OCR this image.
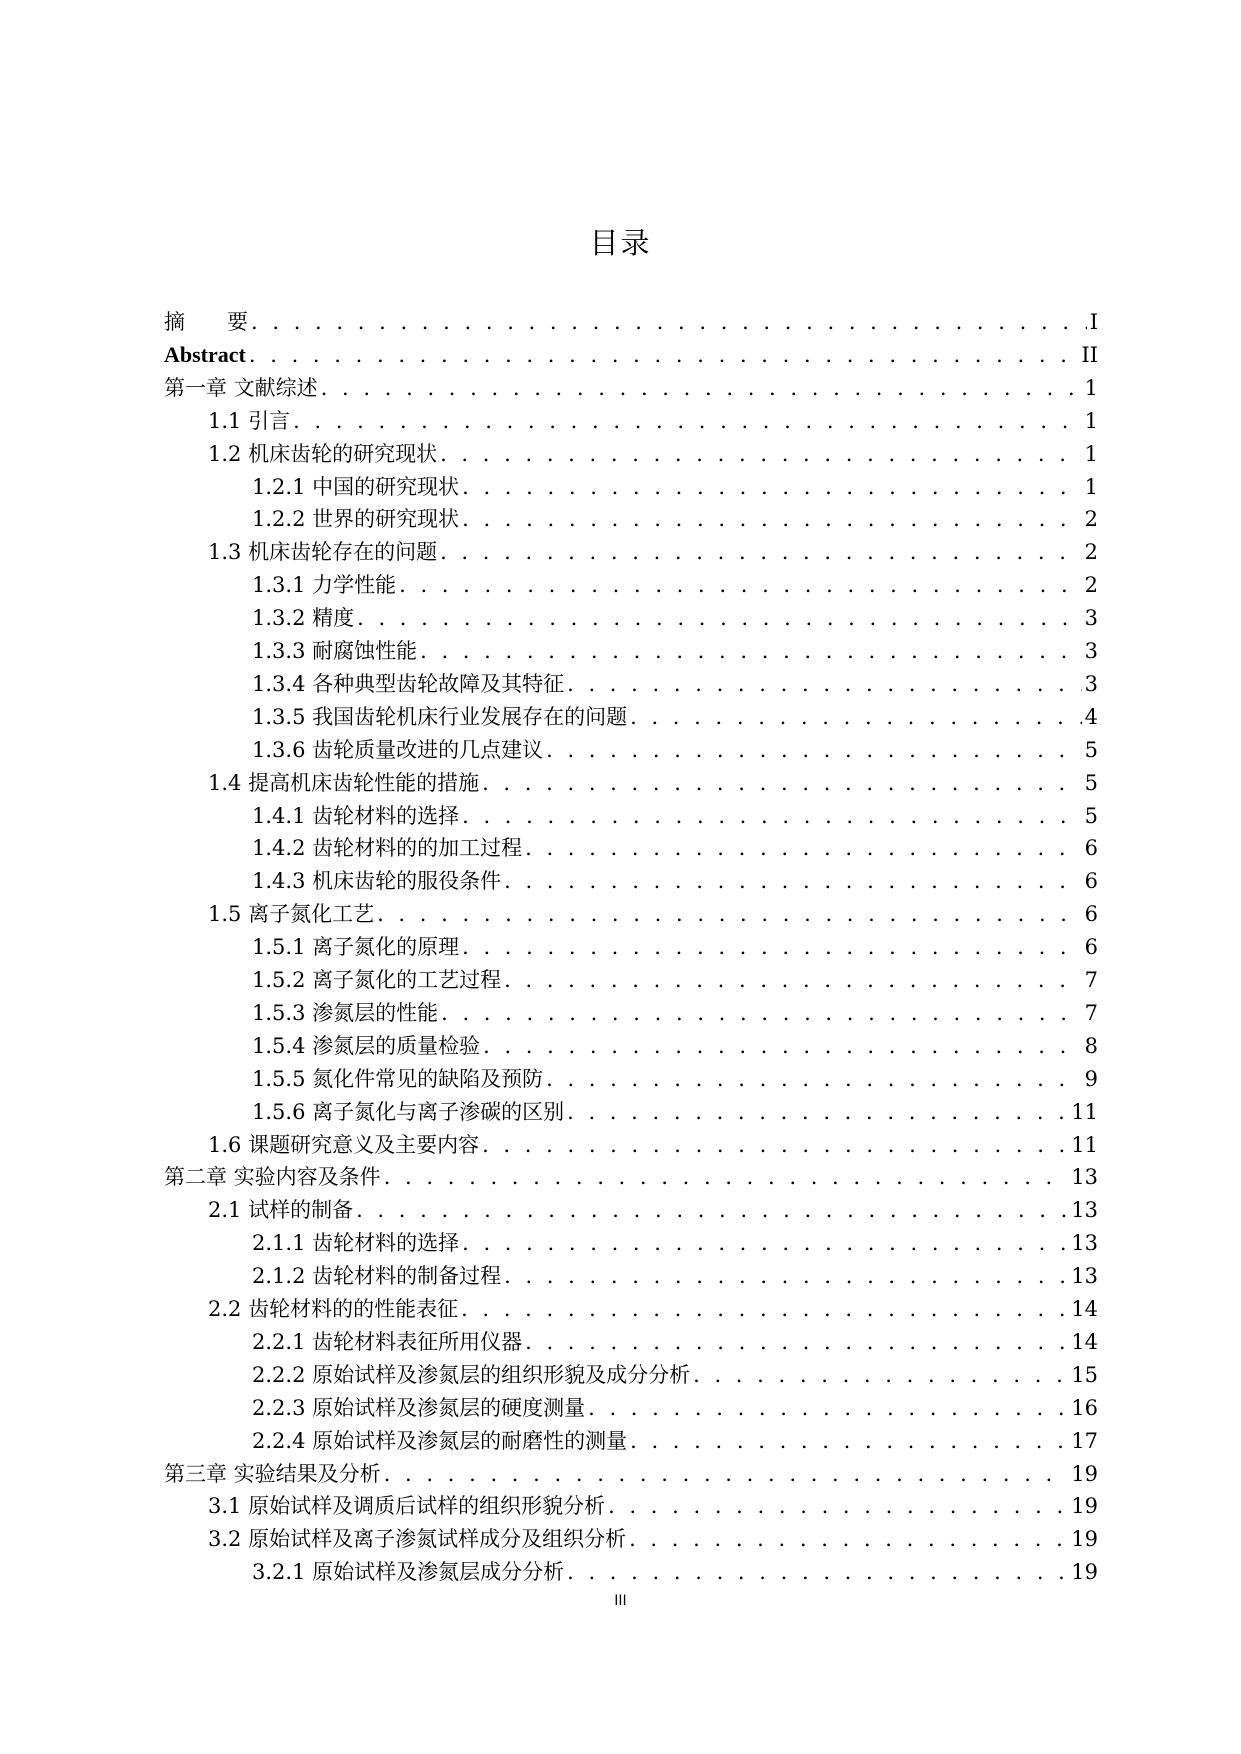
目录
摘　　要 . . .	I
Abstract . . .	II
第一章 文献综述 . . .	1
1.1 引言 . . .	1
1.2 机床齿轮的研究现状 . . .	1
1.2.1 中国的研究现状 . . .	1
1.2.2 世界的研究现状 . . .	2
1.3 机床齿轮存在的问题 . . .	2
1.3.1 力学性能 . . .	2
1.3.2 精度 . . .	3
1.3.3 耐腐蚀性能 . . .	3
1.3.4 各种典型齿轮故障及其特征 . . .	3
1.3.5 我国齿轮机床行业发展存在的问题 . . .	4
1.3.6 齿轮质量改进的几点建议 . . .	5
1.4 提高机床齿轮性能的措施 . . .	5
1.4.1 齿轮材料的选择 . . .	5
1.4.2 齿轮材料的的加工过程 . . .	6
1.4.3 机床齿轮的服役条件 . . .	6
1.5 离子氮化工艺 . . .	6
1.5.1 离子氮化的原理 . . .	6
1.5.2 离子氮化的工艺过程 . . .	7
1.5.3 渗氮层的性能 . . .	7
1.5.4 渗氮层的质量检验 . . .	8
1.5.5 氮化件常见的缺陷及预防 . . .	9
1.5.6 离子氮化与离子渗碳的区别 . . .	11
1.6 课题研究意义及主要内容 . . .	11
第二章 实验内容及条件 . . .	13
2.1 试样的制备 . . .	13
2.1.1 齿轮材料的选择 . . .	13
2.1.2 齿轮材料的制备过程 . . .	13
2.2 齿轮材料的的性能表征 . . .	14
2.2.1 齿轮材料表征所用仪器 . . .	14
2.2.2 原始试样及渗氮层的组织形貌及成分分析 . . .	15
2.2.3 原始试样及渗氮层的硬度测量 . . .	16
2.2.4 原始试样及渗氮层的耐磨性的测量 . . .	17
第三章 实验结果及分析 . . .	19
3.1 原始试样及调质后试样的组织形貌分析 . . .	19
3.2 原始试样及离子渗氮试样成分及组织分析 . . .	19
3.2.1 原始试样及渗氮层成分分析 . . .	19
III
